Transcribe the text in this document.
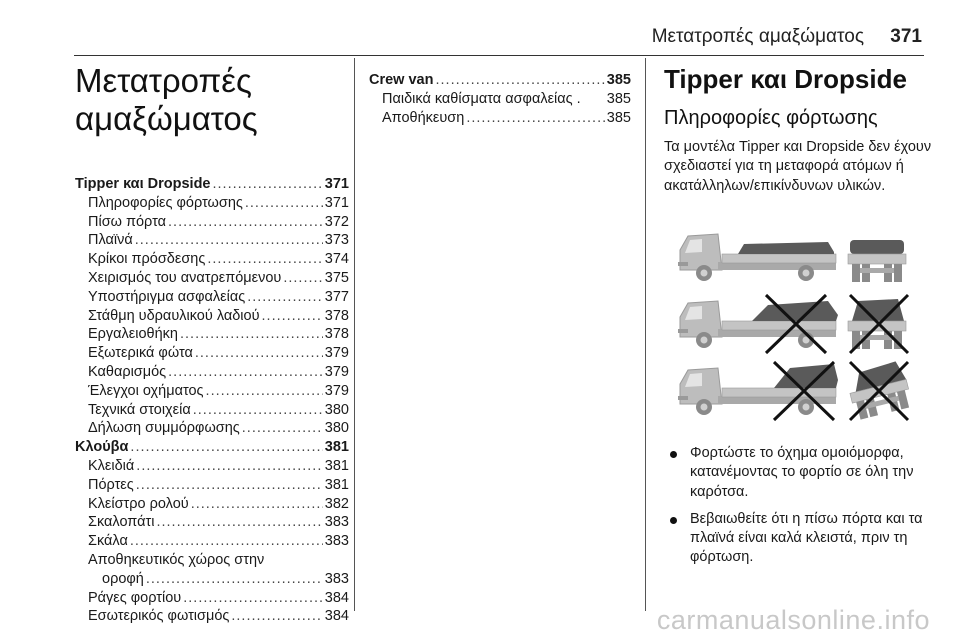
Μετατροπές αμαξώματος 371
Μετατροπές αμαξώματος
Tipper και Dropside .....	371
Πληροφορίες φόρτωσης .....	371
Πίσω πόρτα .....	372
Πλαϊνά .....	373
Κρίκοι πρόσδεσης .....	374
Χειρισμός του ανατρεπόμενου .....	375
Υποστήριγμα ασφαλείας .....	377
Στάθμη υδραυλικού λαδιού .....	378
Εργαλειοθήκη .....	378
Εξωτερικά φώτα .....	379
Καθαρισμός .....	379
Έλεγχοι οχήματος .....	379
Τεχνικά στοιχεία .....	380
Δήλωση συμμόρφωσης .....	380
Κλούβα .....	381
Κλειδιά .....	381
Πόρτες .....	381
Κλείστρο ρολού .....	382
Σκαλοπάτι .....	383
Σκάλα .....	383
Αποθηκευτικός χώρος στην
οροφή .....	383
Ράγες φορτίου .....	384
Εσωτερικός φωτισμός .....	384
Crew van .....	385
Παιδικά καθίσματα ασφαλείας . 385
Αποθήκευση .....	385
Tipper και Dropside
Πληροφορίες φόρτωσης
Τα μοντέλα Tipper και Dropside δεν έχουν σχεδιαστεί για τη μεταφορά ατόμων ή ακατάλληλων/επικίνδυνων υλικών.
Φορτώστε το όχημα ομοιόμορφα, κατανέμοντας το φορτίο σε όλη την καρότσα.
Βεβαιωθείτε ότι η πίσω πόρτα και τα πλαϊνά είναι καλά κλειστά, πριν τη φόρτωση.
carmanualsonline.info
